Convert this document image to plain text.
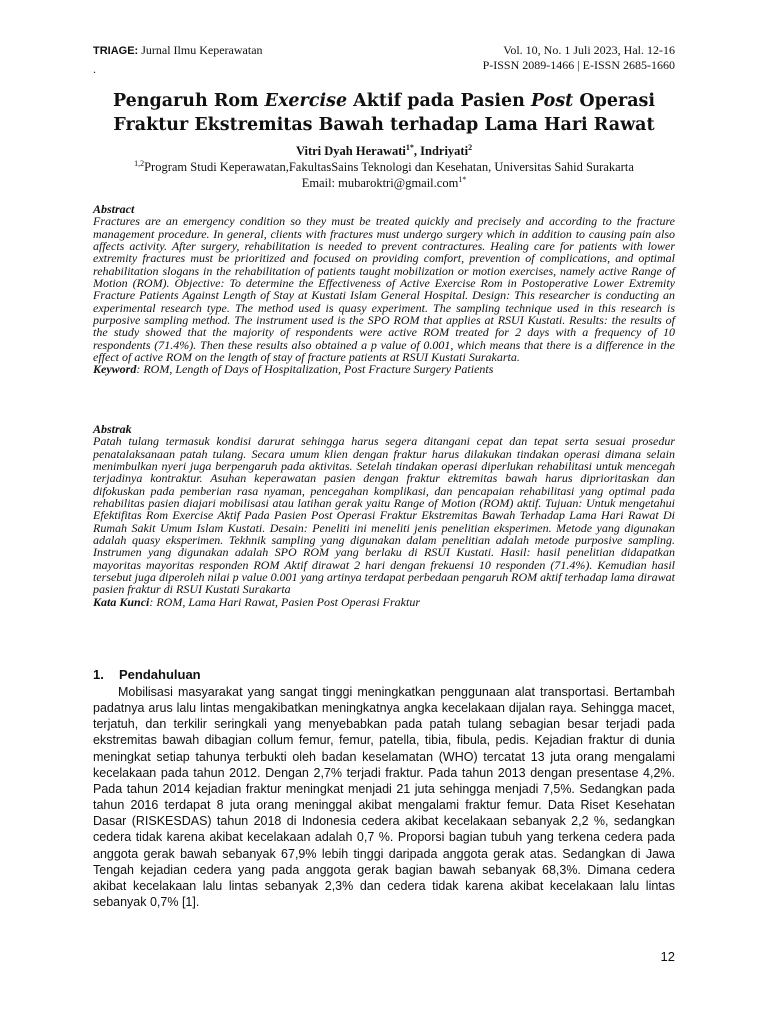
TRIAGE: Jurnal Ilmu Keperawatan	Vol. 10, No. 1 Juli 2023, Hal. 12-16
P-ISSN 2089-1466 | E-ISSN 2685-1660
.
Pengaruh Rom Exercise Aktif pada Pasien Post Operasi
Fraktur Ekstremitas Bawah terhadap Lama Hari Rawat
Vitri Dyah Herawati$^{1*}$, Indriyati$^2$
$^{1,2}$Program Studi Keperawatan,FakultasSains Teknologi dan Kesehatan, Universitas Sahid Surakarta
Email: mubaroktri@gmail.com$^{1*}$
Abstract
Fractures are an emergency condition so they must be treated quickly and precisely and according to the fracture management procedure. In general, clients with fractures must undergo surgery which in addition to causing pain also affects activity. After surgery, rehabilitation is needed to prevent contractures. Healing care for patients with lower extremity fractures must be prioritized and focused on providing comfort, prevention of complications, and optimal rehabilitation slogans in the rehabilitation of patients taught mobilization or motion exercises, namely active Range of Motion (ROM). Objective: To determine the Effectiveness of Active Exercise Rom in Postoperative Lower Extremity Fracture Patients Against Length of Stay at Kustati Islam General Hospital. Design: This researcher is conducting an experimental research type. The method used is quasy experiment. The sampling technique used in this research is purposive sampling method. The instrument used is the SPO ROM that applies at RSUI Kustati. Results: the results of the study showed that the majority of respondents were active ROM treated for 2 days with a frequency of 10 respondents (71.4%). Then these results also obtained a p value of 0.001, which means that there is a difference in the effect of active ROM on the length of stay of fracture patients at RSUI Kustati Surakarta.
Keyword: ROM, Length of Days of Hospitalization, Post Fracture Surgery Patients
Abstrak
Patah tulang termasuk kondisi darurat sehingga harus segera ditangani cepat dan tepat serta sesuai prosedur penatalaksanaan patah tulang. Secara umum klien dengan fraktur harus dilakukan tindakan operasi dimana selain menimbulkan nyeri juga berpengaruh pada aktivitas. Setelah tindakan operasi diperlukan rehabilitasi untuk mencegah terjadinya kontraktur. Asuhan keperawatan pasien dengan fraktur ektremitas bawah harus diprioritaskan dan difokuskan pada pemberian rasa nyaman, pencegahan komplikasi, dan pencapaian rehabilitasi yang optimal pada rehabilitas pasien diajari mobilisasi atau latihan gerak yaitu Range of Motion (ROM) aktif. Tujuan: Untuk mengetahui Efektifitas Rom Exercise Aktif Pada Pasien Post Operasi Fraktur Ekstremitas Bawah Terhadap Lama Hari Rawat Di Rumah Sakit Umum Islam Kustati. Desain: Peneliti ini meneliti jenis penelitian eksperimen. Metode yang digunakan adalah quasy eksperimen. Tekhnik sampling yang digunakan dalam penelitian adalah metode purposive sampling. Instrumen yang digunakan adalah SPO ROM yang berlaku di RSUI Kustati. Hasil: hasil penelitian didapatkan mayoritas mayoritas responden ROM Aktif dirawat 2 hari dengan frekuensi 10 responden (71.4%). Kemudian hasil tersebut juga diperoleh nilai p value 0.001 yang artinya terdapat perbedaan pengaruh ROM aktif terhadap lama dirawat pasien fraktur di RSUI Kustati Surakarta
Kata Kunci: ROM, Lama Hari Rawat, Pasien Post Operasi Fraktur
1. Pendahuluan

Mobilisasi masyarakat yang sangat tinggi meningkatkan penggunaan alat transportasi. Bertambah padatnya arus lalu lintas mengakibatkan meningkatnya angka kecelakaan dijalan raya. Sehingga macet, terjatuh, dan terkilir seringkali yang menyebabkan pada patah tulang sebagian besar terjadi pada ekstremitas bawah dibagian collum femur, femur, patella, tibia, fibula, pedis. Kejadian fraktur di dunia meningkat setiap tahunya terbukti oleh badan keselamatan (WHO) tercatat 13 juta orang mengalami kecelakaan pada tahun 2012. Dengan 2,7% terjadi fraktur. Pada tahun 2013 dengan presentase 4,2%. Pada tahun 2014 kejadian fraktur meningkat menjadi 21 juta sehingga menjadi 7,5%. Sedangkan pada tahun 2016 terdapat 8 juta orang meninggal akibat mengalami fraktur femur. Data Riset Kesehatan Dasar (RISKESDAS) tahun 2018 di Indonesia cedera akibat kecelakaan sebanyak 2,2 %, sedangkan cedera tidak karena akibat kecelakaan adalah 0,7 %. Proporsi bagian tubuh yang terkena cedera pada anggota gerak bawah sebanyak 67,9% lebih tinggi daripada anggota gerak atas. Sedangkan di Jawa Tengah kejadian cedera yang pada anggota gerak bagian bawah sebanyak 68,3%. Dimana cedera akibat kecelakaan lalu lintas sebanyak 2,3% dan cedera tidak karena akibat kecelakaan lalu lintas sebanyak 0,7% [1].

12
